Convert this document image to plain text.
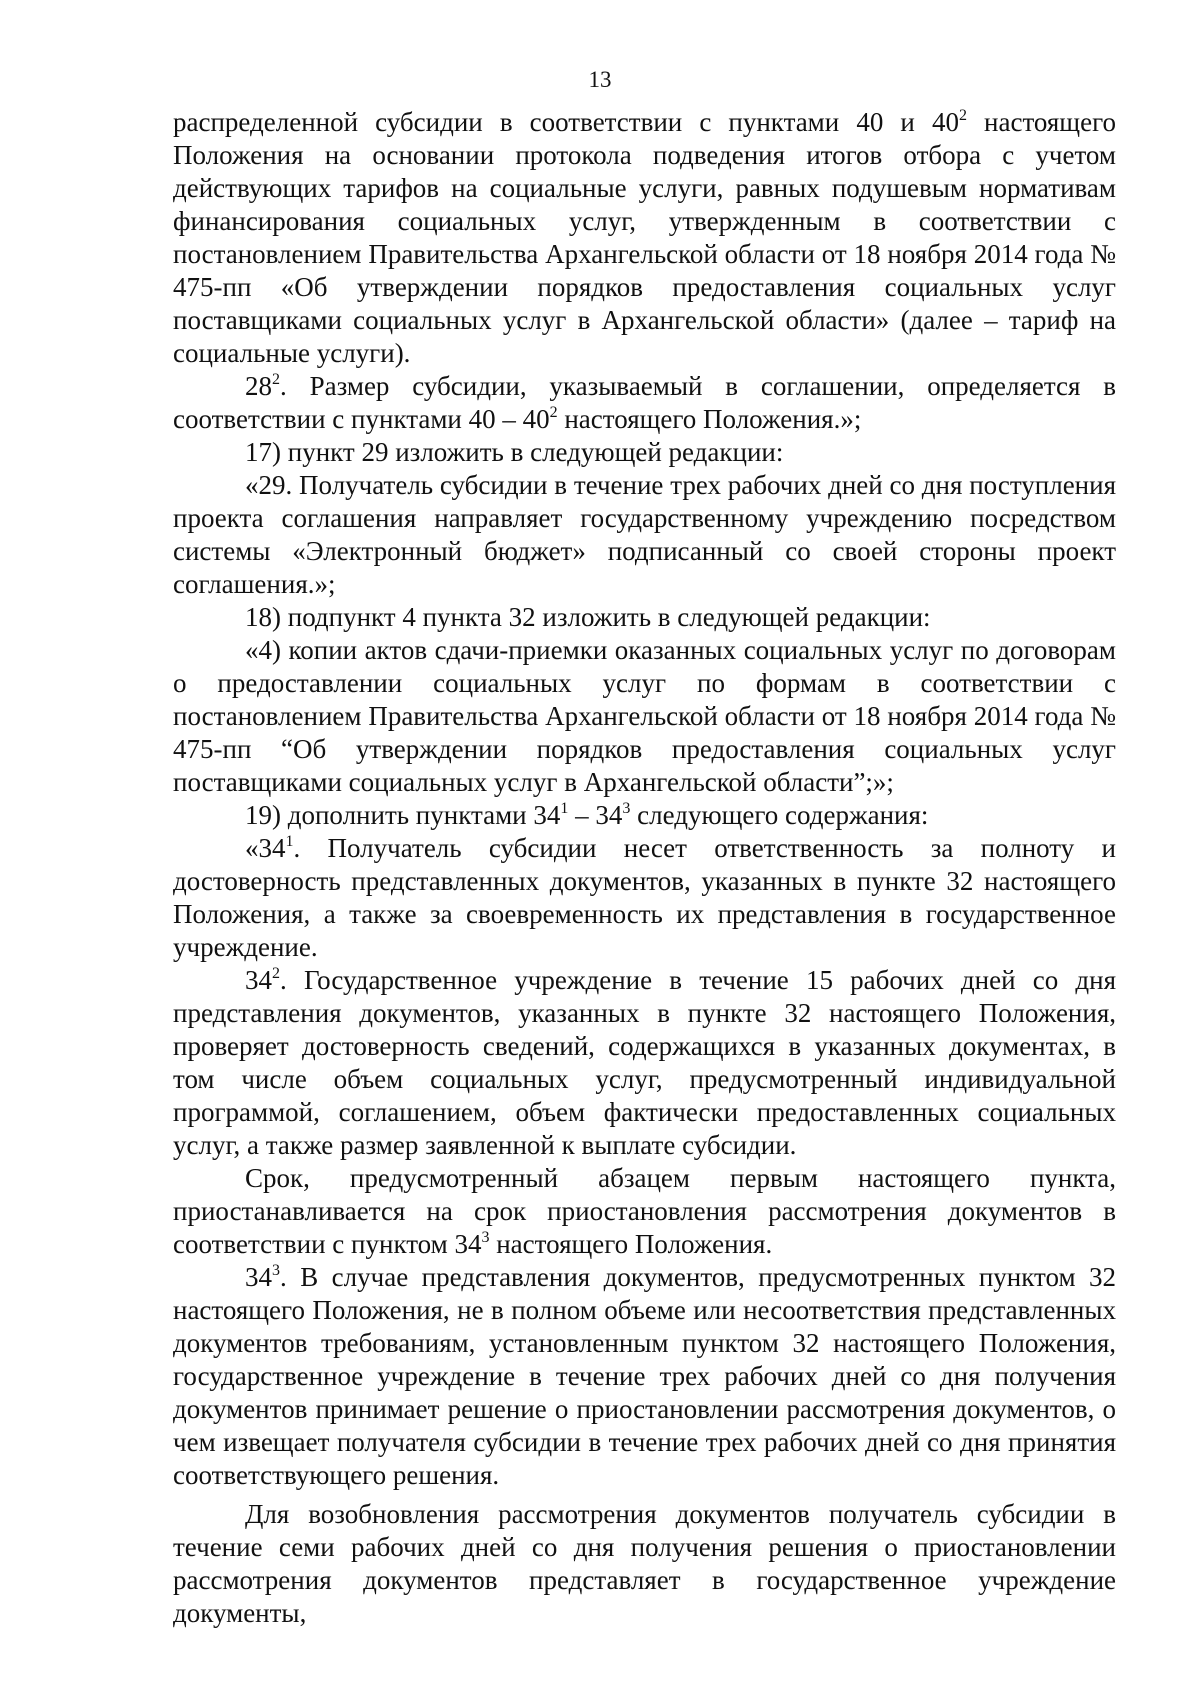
13

распределенной субсидии в соответствии с пунктами 40 и $40^2$ настоящего Положения на основании протокола подведения итогов отбора с учетом действующих тарифов на социальные услуги, равных подушевым нормативам финансирования социальных услуг, утвержденным в соответствии с постановлением Правительства Архангельской области от 18 ноября 2014 года № 475-пп «Об утверждении порядков предоставления социальных услуг поставщиками социальных услуг в Архангельской области» (далее – тариф на социальные услуги).

$28^2$. Размер субсидии, указываемый в соглашении, определяется в соответствии с пунктами $40 - 40^2$ настоящего Положения.»;

17) пункт 29 изложить в следующей редакции:

«29. Получатель субсидии в течение трех рабочих дней со дня поступления проекта соглашения направляет государственному учреждению посредством системы «Электронный бюджет» подписанный со своей стороны проект соглашения.»;

18) подпункт 4 пункта 32 изложить в следующей редакции:

«4) копии актов сдачи-приемки оказанных социальных услуг по договорам о предоставлении социальных услуг по формам в соответствии с постановлением Правительства Архангельской области от 18 ноября 2014 года № 475-пп “Об утверждении порядков предоставления социальных услуг поставщиками социальных услуг в Архангельской области”;»;

19) дополнить пунктами $34^1 - 34^3$ следующего содержания:

«$34^1$. Получатель субсидии несет ответственность за полноту и достоверность представленных документов, указанных в пункте 32 настоящего Положения, а также за своевременность их представления в государственное учреждение.

$34^2$. Государственное учреждение в течение 15 рабочих дней со дня представления документов, указанных в пункте 32 настоящего Положения, проверяет достоверность сведений, содержащихся в указанных документах, в том числе объем социальных услуг, предусмотренный индивидуальной программой, соглашением, объем фактически предоставленных социальных услуг, а также размер заявленной к выплате субсидии.

Срок, предусмотренный абзацем первым настоящего пункта, приостанавливается на срок приостановления рассмотрения документов в соответствии с пунктом $34^3$ настоящего Положения.

$34^3$. В случае представления документов, предусмотренных пунктом 32 настоящего Положения, не в полном объеме или несоответствия представленных документов требованиям, установленным пунктом 32 настоящего Положения, государственное учреждение в течение трех рабочих дней со дня получения документов принимает решение о приостановлении рассмотрения документов, о чем извещает получателя субсидии в течение трех рабочих дней со дня принятия соответствующего решения.

Для возобновления рассмотрения документов получатель субсидии в течение семи рабочих дней со дня получения решения о приостановлении рассмотрения документов представляет в государственное учреждение документы,
